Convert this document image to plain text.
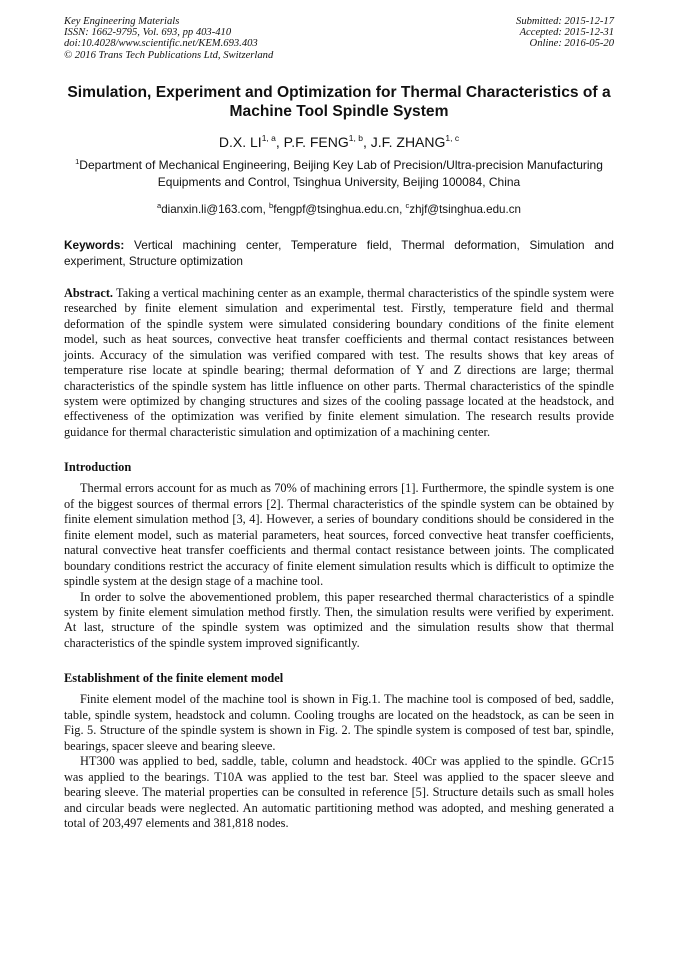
Key Engineering Materials
ISSN: 1662-9795, Vol. 693, pp 403-410
doi:10.4028/www.scientific.net/KEM.693.403
© 2016 Trans Tech Publications Ltd, Switzerland
Submitted: 2015-12-17
Accepted: 2015-12-31
Online: 2016-05-20
Simulation, Experiment and Optimization for Thermal Characteristics of a Machine Tool Spindle System
D.X. LI$^{1, a}$, P.F. FENG$^{1, b}$, J.F. ZHANG$^{1, c}$
$^1$Department of Mechanical Engineering, Beijing Key Lab of Precision/Ultra-precision Manufacturing Equipments and Control, Tsinghua University, Beijing 100084, China
$^a$dianxin.li@163.com, $^b$fengpf@tsinghua.edu.cn, $^c$zhjf@tsinghua.edu.cn
Keywords: Vertical machining center, Temperature field, Thermal deformation, Simulation and experiment, Structure optimization

Abstract. Taking a vertical machining center as an example, thermal characteristics of the spindle system were researched by finite element simulation and experimental test. Firstly, temperature field and thermal deformation of the spindle system were simulated considering boundary conditions of the finite element model, such as heat sources, convective heat transfer coefficients and thermal contact resistances between joints. Accuracy of the simulation was verified compared with test. The results shows that key areas of temperature rise locate at spindle bearing; thermal deformation of Y and Z directions are large; thermal characteristics of the spindle system has little influence on other parts. Thermal characteristics of the spindle system were optimized by changing structures and sizes of the cooling passage located at the headstock, and effectiveness of the optimization was verified by finite element simulation. The research results provide guidance for thermal characteristic simulation and optimization of a machining center.

Introduction

Thermal errors account for as much as 70% of machining errors [1]. Furthermore, the spindle system is one of the biggest sources of thermal errors [2]. Thermal characteristics of the spindle system can be obtained by finite element simulation method [3, 4]. However, a series of boundary conditions should be considered in the finite element model, such as material parameters, heat sources, forced convective heat transfer coefficients, natural convective heat transfer coefficients and thermal contact resistance between joints. The complicated boundary conditions restrict the accuracy of finite element simulation results which is difficult to optimize the spindle system at the design stage of a machine tool.

In order to solve the abovementioned problem, this paper researched thermal characteristics of a spindle system by finite element simulation method firstly. Then, the simulation results were verified by experiment. At last, structure of the spindle system was optimized and the simulation results show that thermal characteristics of the spindle system improved significantly.

Establishment of the finite element model

Finite element model of the machine tool is shown in Fig.1. The machine tool is composed of bed, saddle, table, spindle system, headstock and column. Cooling troughs are located on the headstock, as can be seen in Fig. 5. Structure of the spindle system is shown in Fig. 2. The spindle system is composed of test bar, spindle, bearings, spacer sleeve and bearing sleeve.

HT300 was applied to bed, saddle, table, column and headstock. 40Cr was applied to the spindle. GCr15 was applied to the bearings. T10A was applied to the test bar. Steel was applied to the spacer sleeve and bearing sleeve. The material properties can be consulted in reference [5]. Structure details such as small holes and circular beads were neglected. An automatic partitioning method was adopted, and meshing generated a total of 203,497 elements and 381,818 nodes.
